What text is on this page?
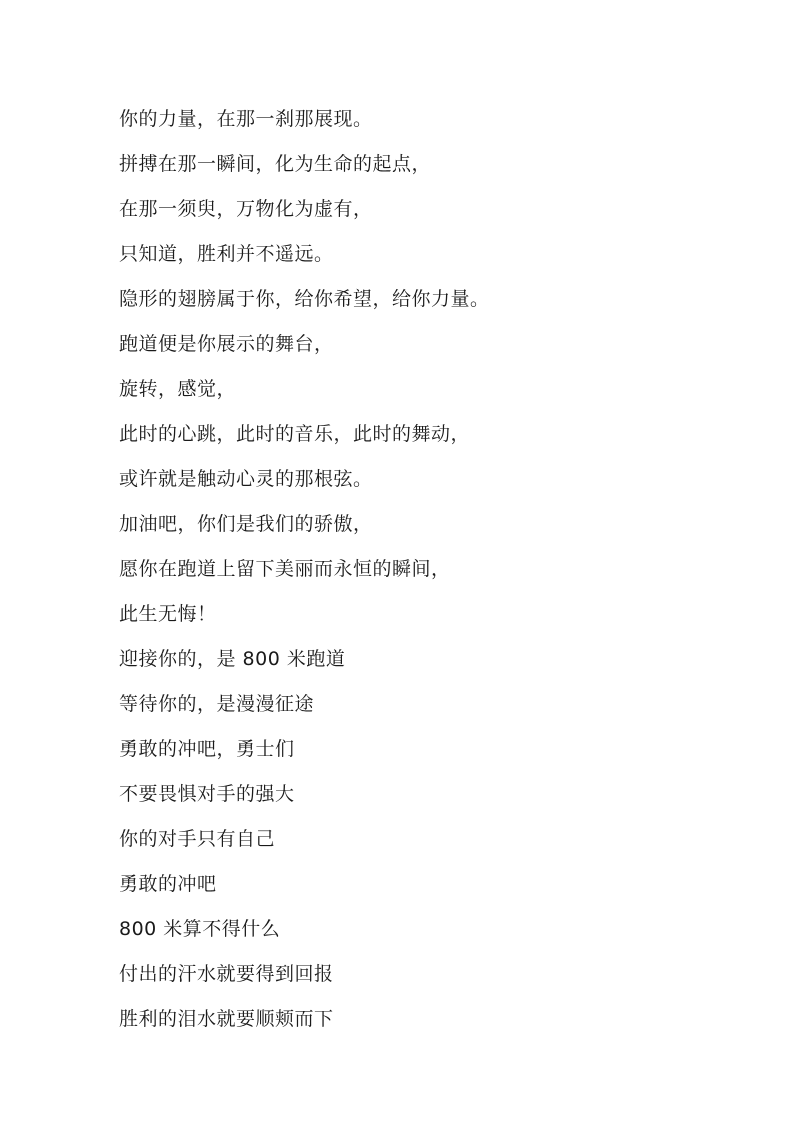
你的力量，在那一刹那展现。
拼搏在那一瞬间，化为生命的起点，
在那一须臾，万物化为虚有，
只知道，胜利并不遥远。
隐形的翅膀属于你，给你希望，给你力量。
跑道便是你展示的舞台，
旋转，感觉，
此时的心跳，此时的音乐，此时的舞动，
或许就是触动心灵的那根弦。
加油吧，你们是我们的骄傲，
愿你在跑道上留下美丽而永恒的瞬间，
此生无悔！
迎接你的，是 800 米跑道
等待你的，是漫漫征途
勇敢的冲吧，勇士们
不要畏惧对手的强大
你的对手只有自己
勇敢的冲吧
800 米算不得什么
付出的汗水就要得到回报
胜利的泪水就要顺颊而下
